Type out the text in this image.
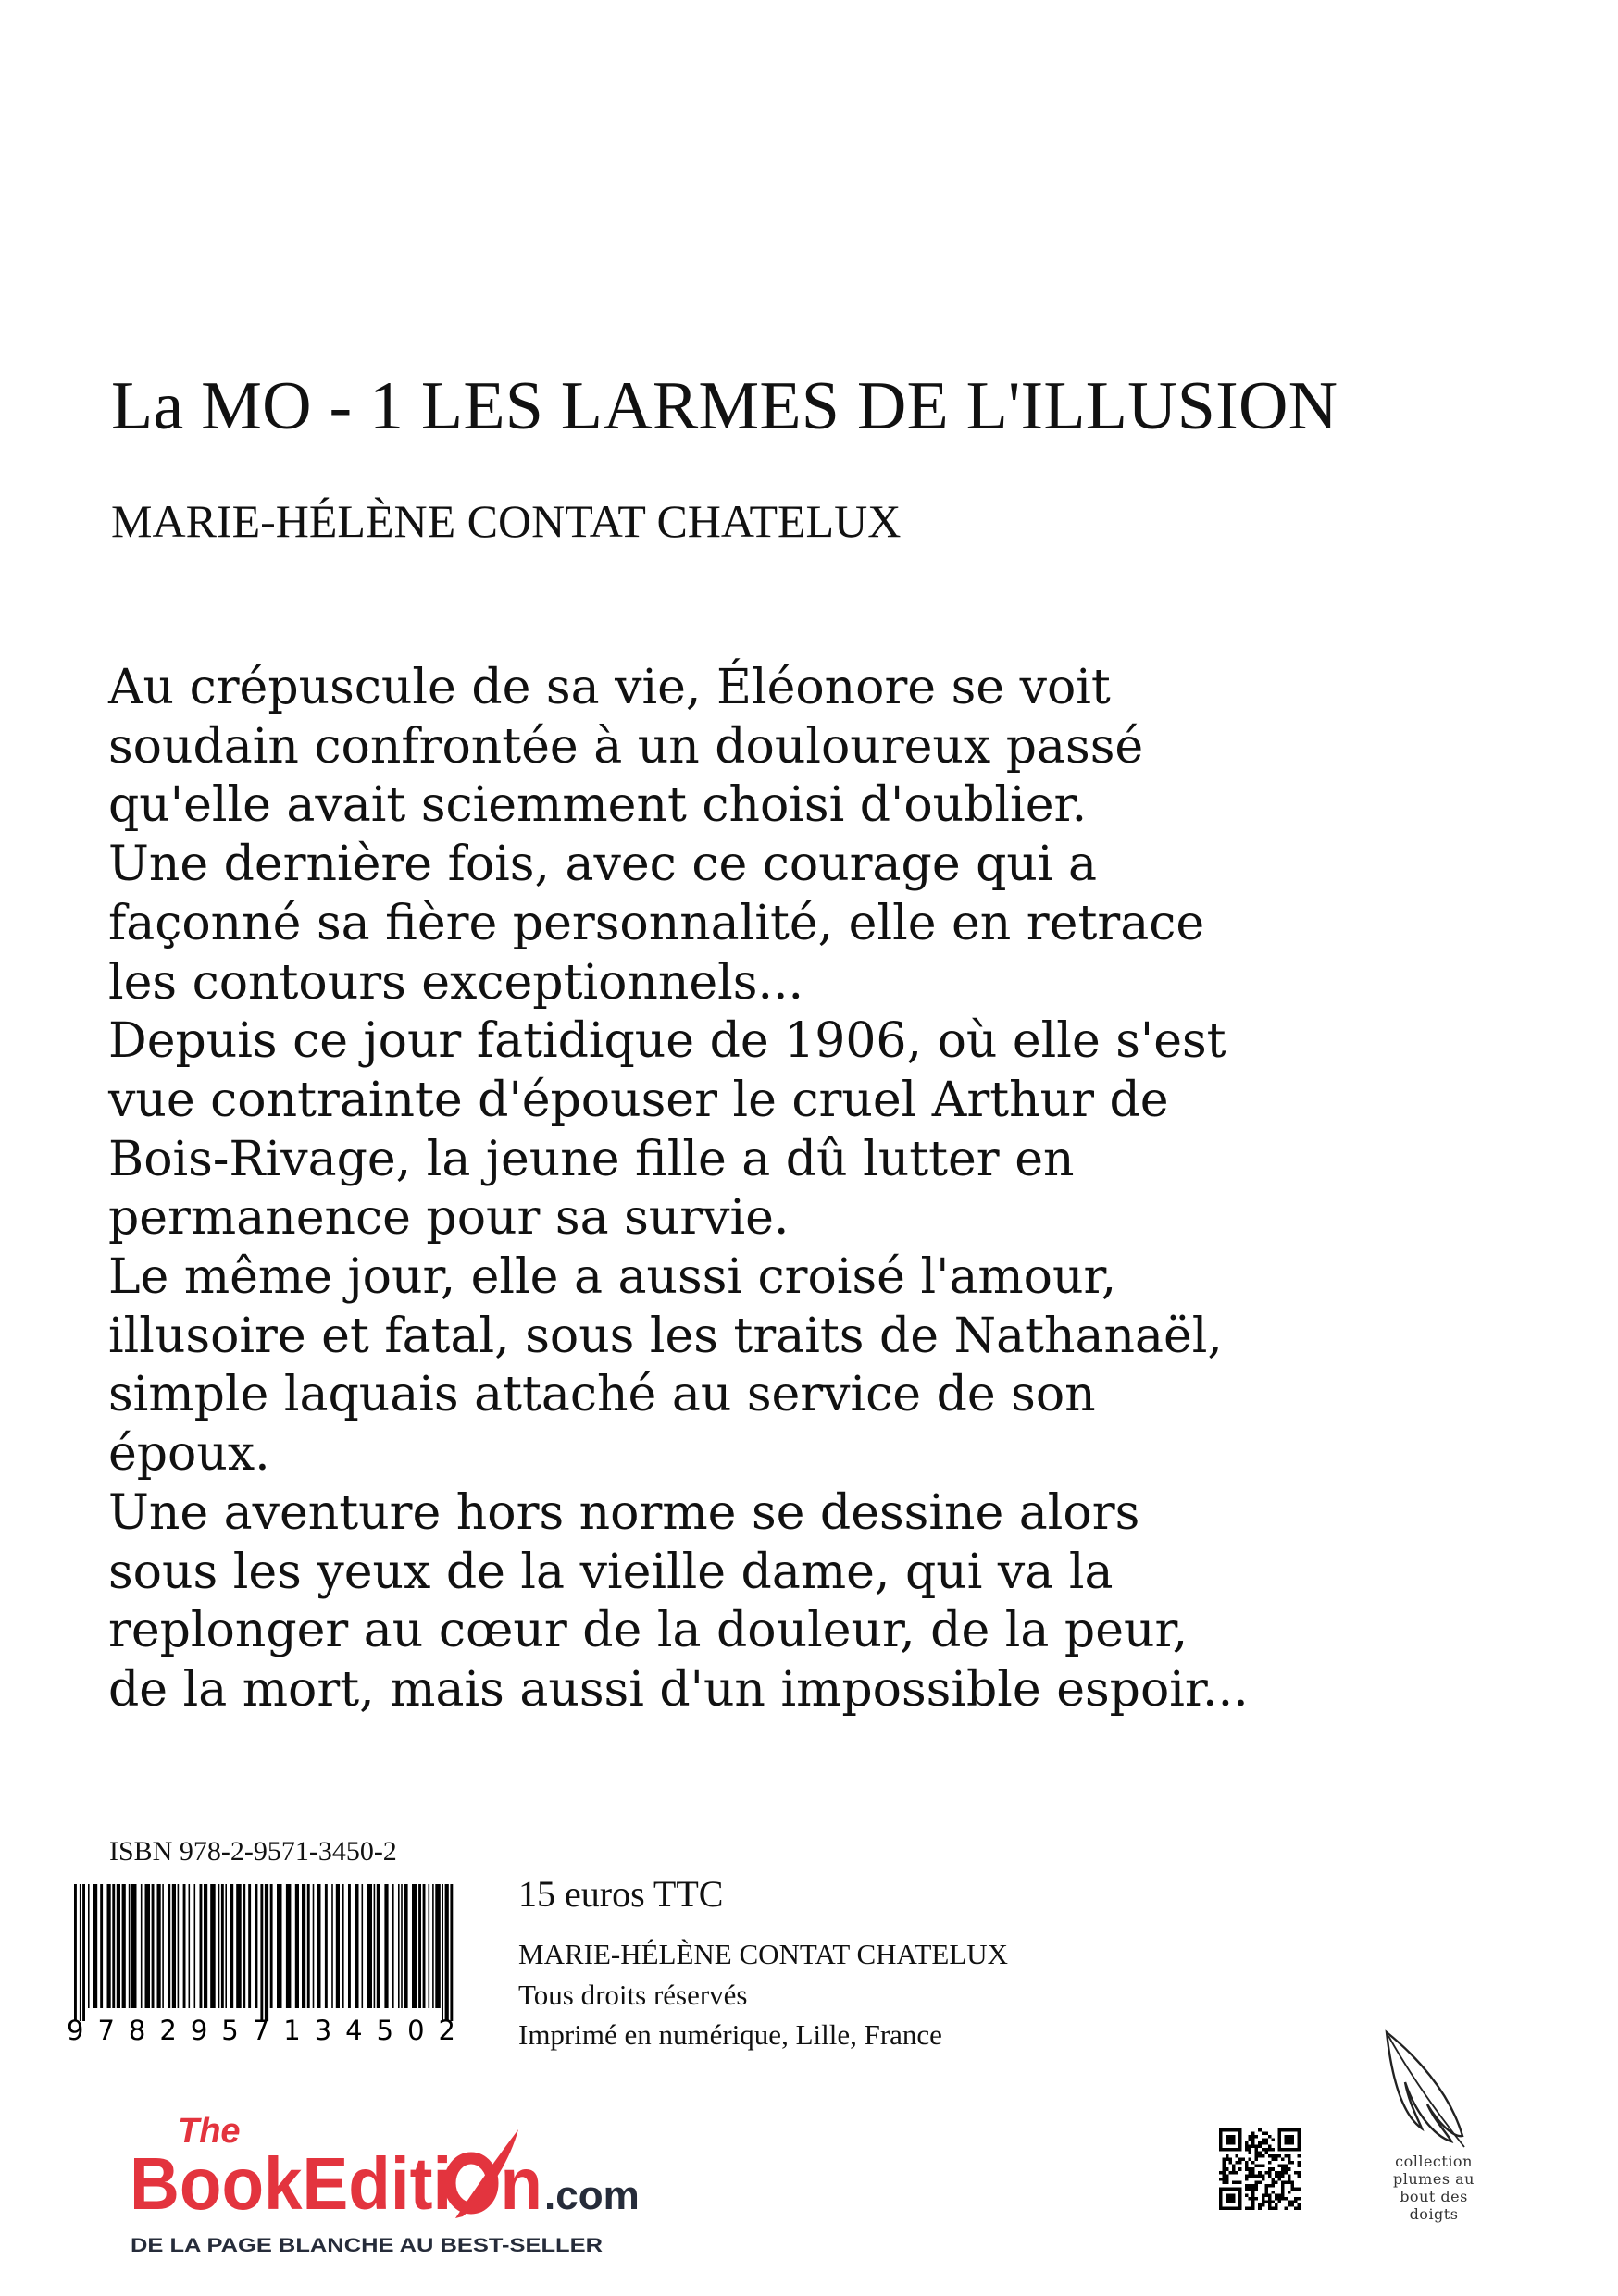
La MO - 1 LES LARMES DE L'ILLUSION
MARIE-HÉLÈNE CONTAT CHATELUX
Au crépuscule de sa vie, Éléonore se voit
soudain confrontée à un douloureux passé
qu'elle avait sciemment choisi d'oublier.
Une dernière fois, avec ce courage qui a
façonné sa fière personnalité, elle en retrace
les contours exceptionnels...
Depuis ce jour fatidique de 1906, où elle s'est
vue contrainte d'épouser le cruel Arthur de
Bois-Rivage, la jeune fille a dû lutter en
permanence pour sa survie.
Le même jour, elle a aussi croisé l'amour,
illusoire et fatal, sous les traits de Nathanaël,
simple laquais attaché au service de son
époux.
Une aventure hors norme se dessine alors
sous les yeux de la vieille dame, qui va la
replonger au cœur de la douleur, de la peur,
de la mort, mais aussi d'un impossible espoir...
ISBN 978-2-9571-3450-2
9782957134502
15 euros TTC
MARIE-HÉLÈNE CONTAT CHATELUX
Tous droits réservés
Imprimé en numérique, Lille, France
The
BookEditi n
.com
DE LA PAGE BLANCHE AU BEST-SELLER
collection
plumes au
bout des
doigts
